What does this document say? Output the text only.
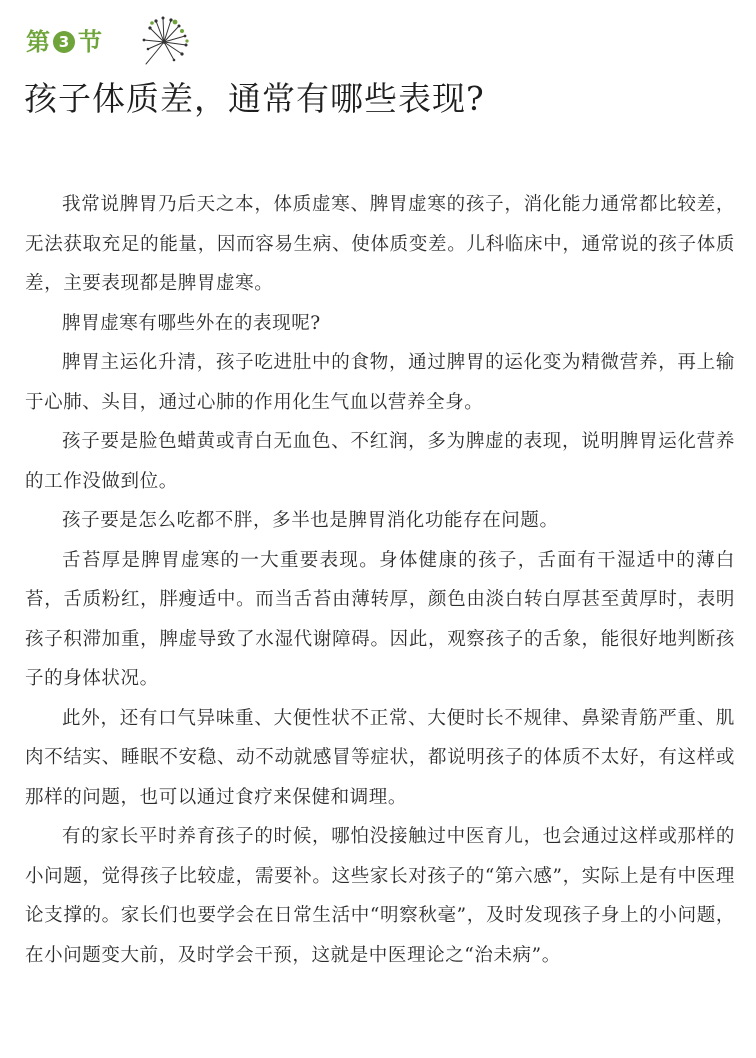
第 3 节
孩子体质差，通常有哪些表现?

我常说脾胃乃后天之本，体质虚寒、脾胃虚寒的孩子，消化能力通常都比较差，无法获取充足的能量，因而容易生病、使体质变差。儿科临床中，通常说的孩子体质差，主要表现都是脾胃虚寒。

脾胃虚寒有哪些外在的表现呢?

脾胃主运化升清，孩子吃进肚中的食物，通过脾胃的运化变为精微营养，再上输于心肺、头目，通过心肺的作用化生气血以营养全身。

孩子要是脸色蜡黄或青白无血色、不红润，多为脾虚的表现，说明脾胃运化营养的工作没做到位。

孩子要是怎么吃都不胖，多半也是脾胃消化功能存在问题。

舌苔厚是脾胃虚寒的一大重要表现。身体健康的孩子，舌面有干湿适中的薄白苔，舌质粉红，胖瘦适中。而当舌苔由薄转厚，颜色由淡白转白厚甚至黄厚时，表明孩子积滞加重，脾虚导致了水湿代谢障碍。因此，观察孩子的舌象，能很好地判断孩子的身体状况。

此外，还有口气异味重、大便性状不正常、大便时长不规律、鼻梁青筋严重、肌肉不结实、睡眠不安稳、动不动就感冒等症状，都说明孩子的体质不太好，有这样或那样的问题，也可以通过食疗来保健和调理。

有的家长平时养育孩子的时候，哪怕没接触过中医育儿，也会通过这样或那样的小问题，觉得孩子比较虚，需要补。这些家长对孩子的“第六感”，实际上是有中医理论支撑的。家长们也要学会在日常生活中“明察秋毫”，及时发现孩子身上的小问题，在小问题变大前，及时学会干预，这就是中医理论之“治未病”。
